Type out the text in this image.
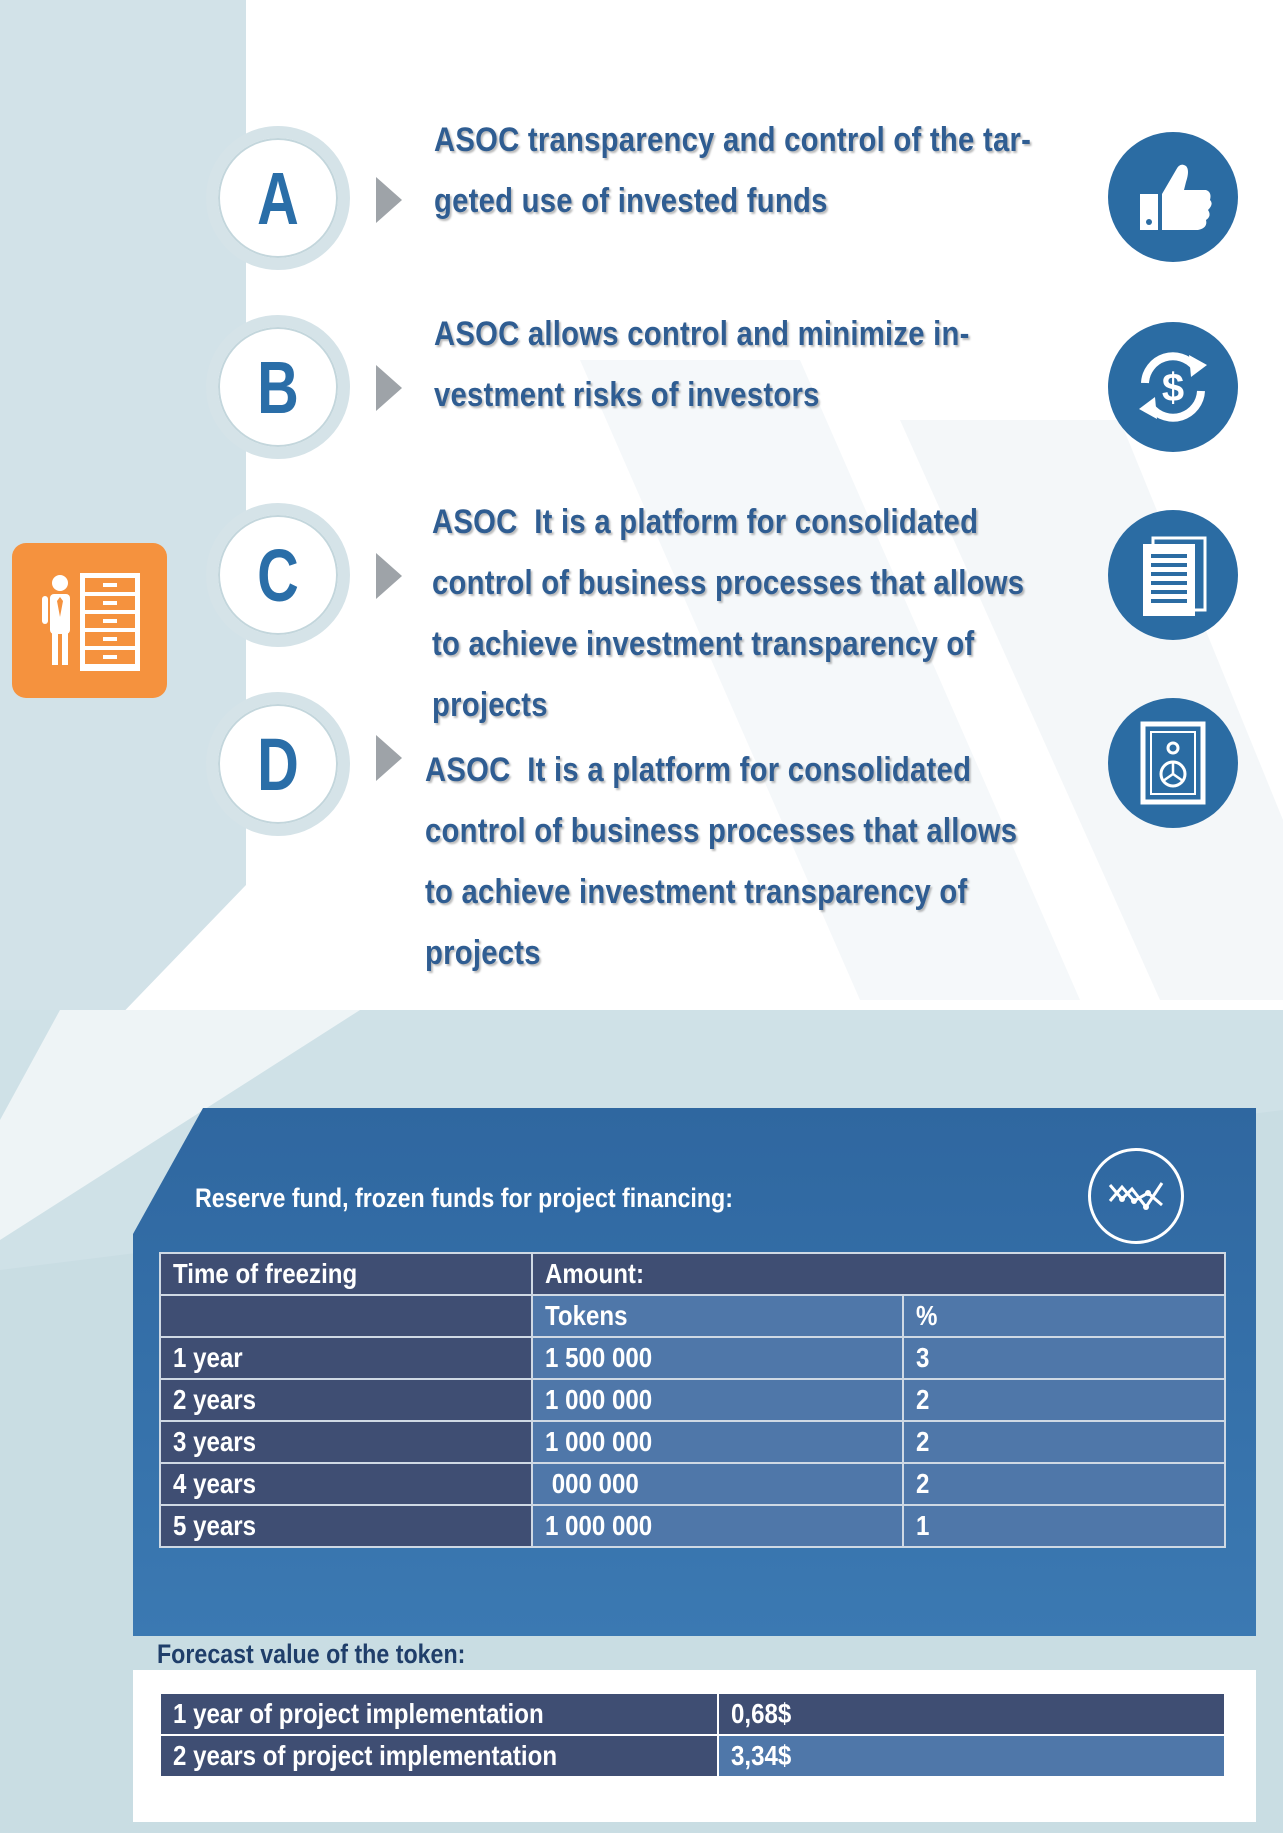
A
ASOC transparency and control of the tar-
geted use of invested funds
B
ASOC allows control and minimize in-
vestment risks of investors	$
C
ASOC  It is a platform for consolidated
control of business processes that allows
to achieve investment transparency of
projects
D	ASOC  It is a platform for consolidated
control of business processes that allows
to achieve investment transparency of
projects
Reserve fund, frozen funds for project financing:
Time of freezing	Amount:	
	Tokens	%
1 year	1 500 000	3
2 years	1 000 000	2
3 years	1 000 000	2
4 years	000 000	2
5 years	1 000 000	1
Forecast value of the token:
1 year of project implementation	0,68$
2 years of project implementation	3,34$
